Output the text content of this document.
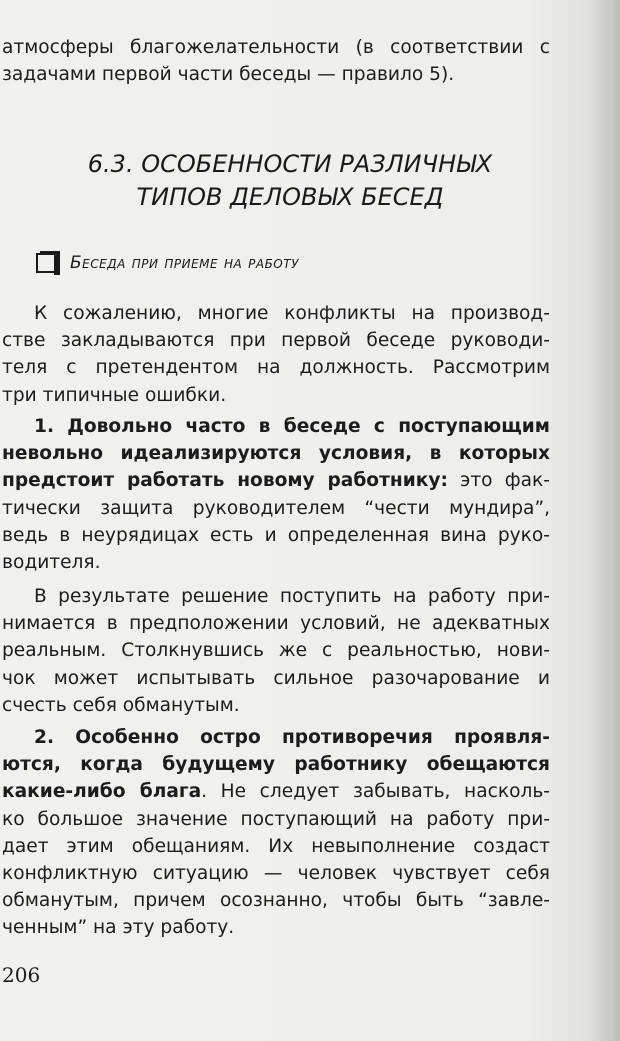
атмосферы благожелательности (в соответствии с
задачами первой части беседы — правило 5).
6.3. ОСОБЕННОСТИ РАЗЛИЧНЫХ
ТИПОВ ДЕЛОВЫХ БЕСЕД
Беседа при приеме на работу
К сожалению, многие конфликты на производ-
стве закладываются при первой беседе руководи-
теля с претендентом на должность. Рассмотрим
три типичные ошибки.
1. Довольно часто в беседе с поступающим
невольно идеализируются условия, в которых
предстоит работать новому работнику: это фак-
тически защита руководителем “чести мундира”,
ведь в неурядицах есть и определенная вина руко-
водителя.
В результате решение поступить на работу при-
нимается в предположении условий, не адекватных
реальным. Столкнувшись же с реальностью, нови-
чок может испытывать сильное разочарование и
счесть себя обманутым.
2. Особенно остро противоречия проявля-
ются, когда будущему работнику обещаются
какие-либо блага. Не следует забывать, насколь-
ко большое значение поступающий на работу при-
дает этим обещаниям. Их невыполнение создаст
конфликтную ситуацию — человек чувствует себя
обманутым, причем осознанно, чтобы быть “завле-
ченным” на эту работу.
206
